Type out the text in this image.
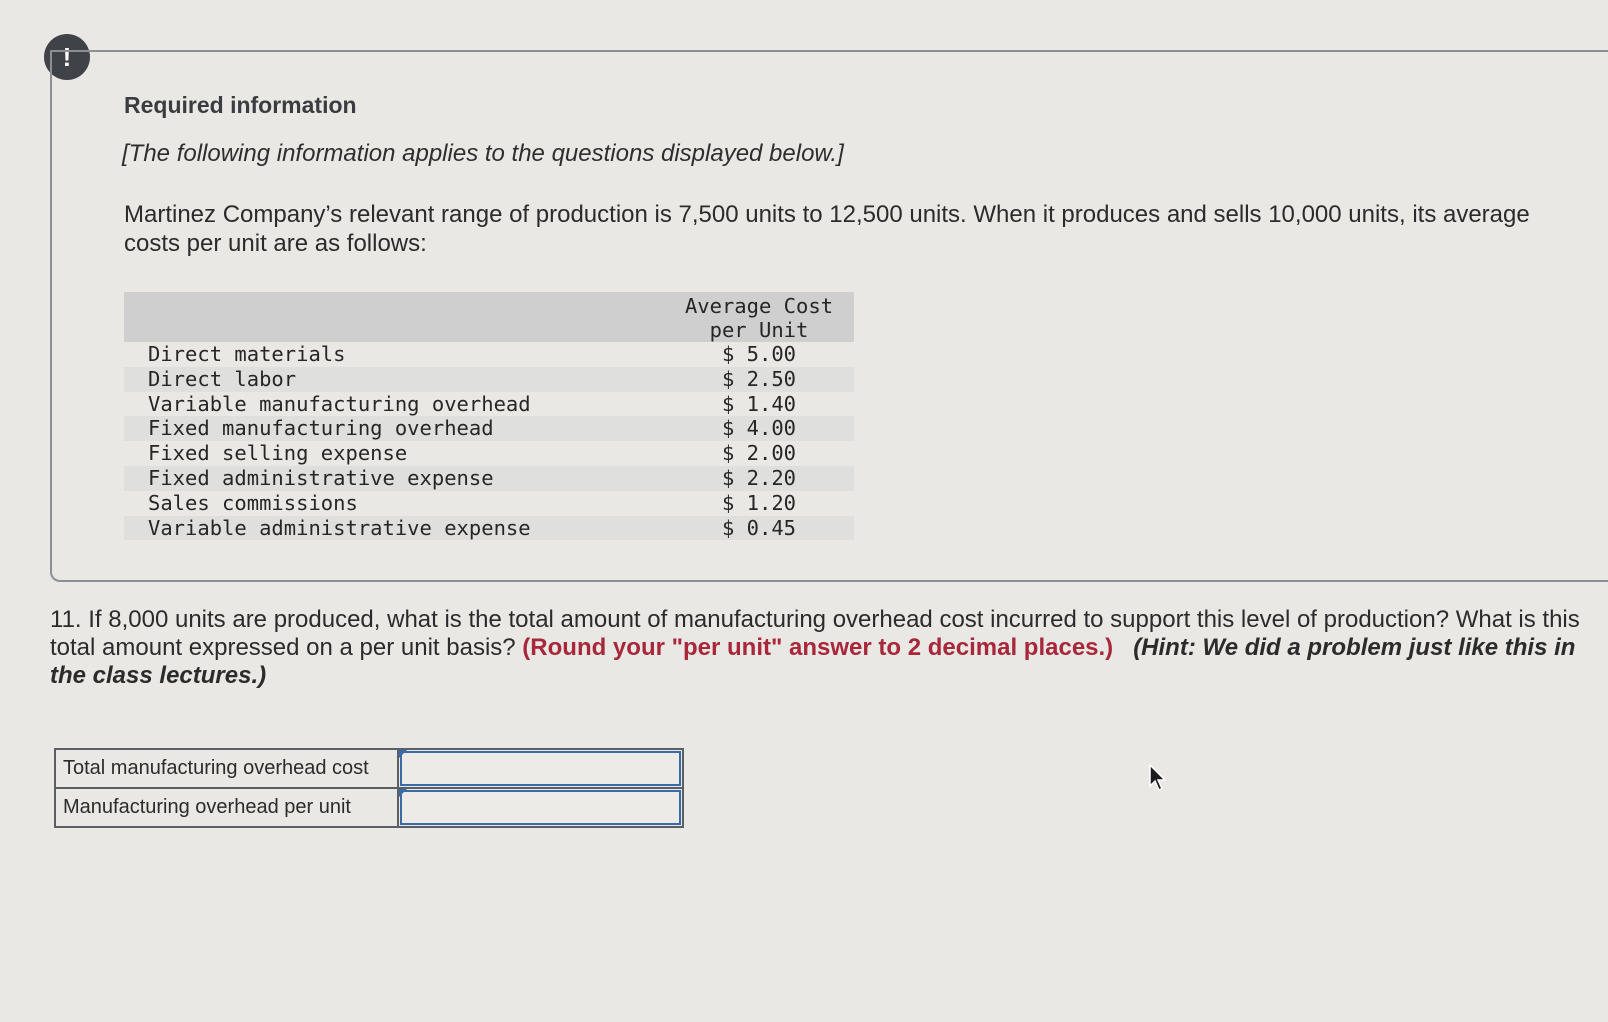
!
Required information
[The following information applies to the questions displayed below.]
Martinez Company’s relevant range of production is 7,500 units to 12,500 units. When it produces and sells 10,000 units, its average costs per unit are as follows:
Average Cost
per Unit
Direct materials	$ 5.00
Direct labor	$ 2.50
Variable manufacturing overhead	$ 1.40
Fixed manufacturing overhead	$ 4.00
Fixed selling expense	$ 2.00
Fixed administrative expense	$ 2.20
Sales commissions	$ 1.20
Variable administrative expense	$ 0.45
11. If 8,000 units are produced, what is the total amount of manufacturing overhead cost incurred to support this level of production? What is this total amount expressed on a per unit basis? (Round your "per unit" answer to 2 decimal places.) (Hint: We did a problem just like this in the class lectures.)
Total manufacturing overhead cost
Manufacturing overhead per unit
